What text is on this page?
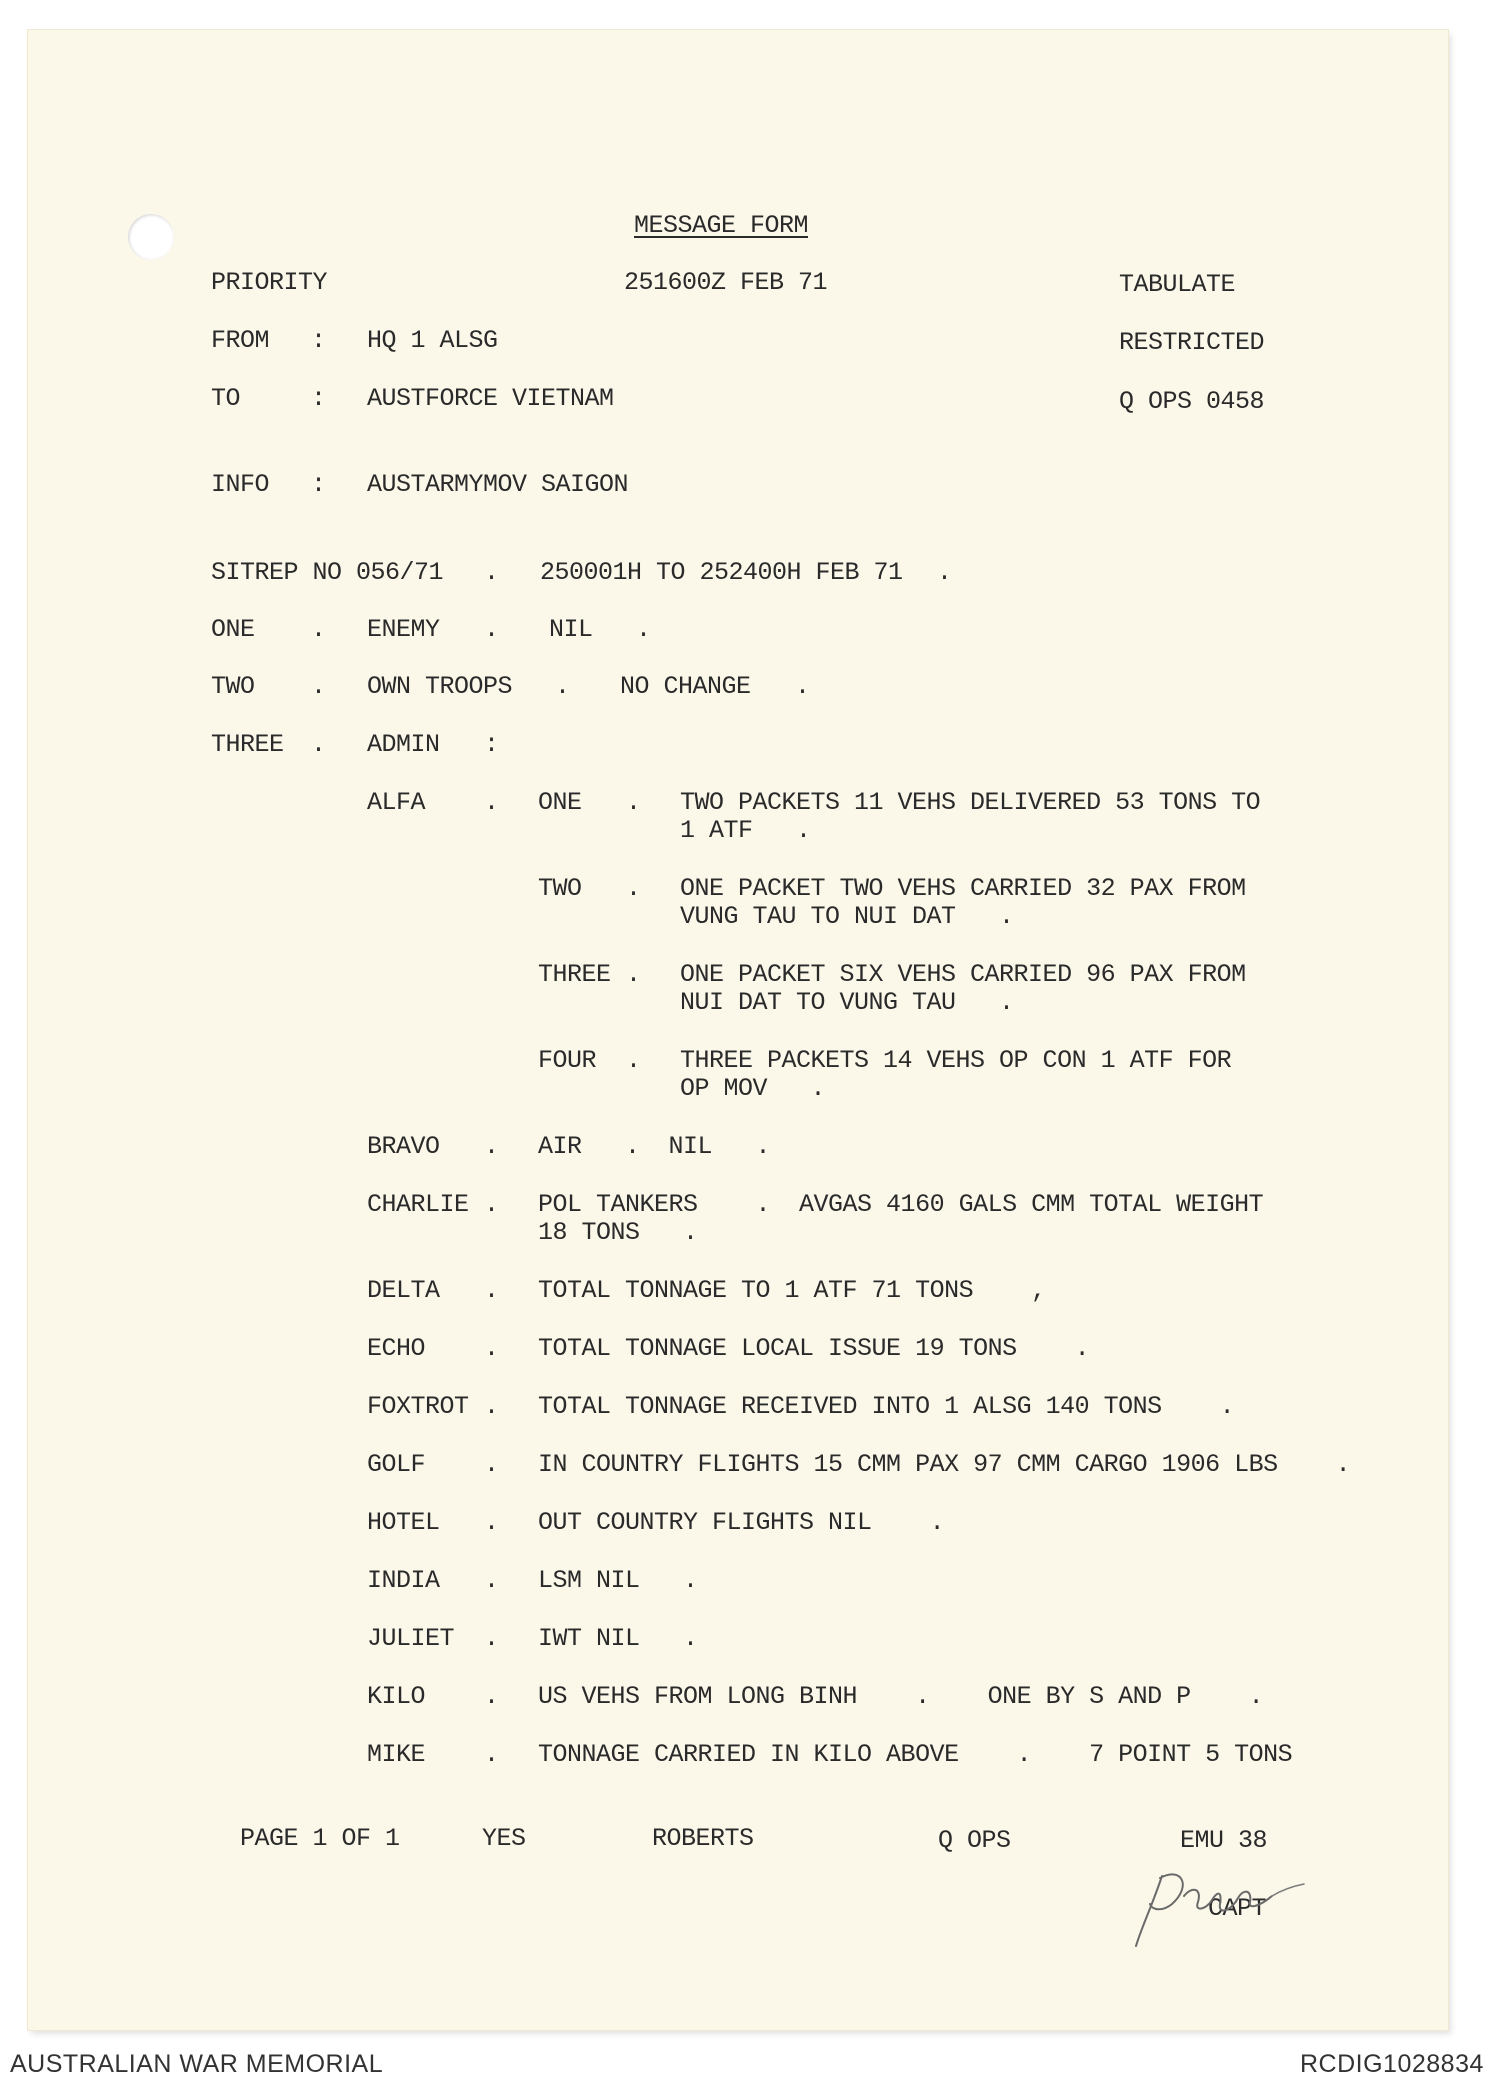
MESSAGE FORM
PRIORITY	251600Z FEB 71	TABULATE
FROM : HQ 1 ALSG	RESTRICTED
TO	: AUSTFORCE VIETNAM	Q OPS 0458
INFO : AUSTARMYMOV SAIGON
SITREP NO 056/71 . 250001H TO 252400H FEB 71 .
ONE . ENEMY . NIL .
TWO . OWN TROOPS . NO CHANGE .
THREE . ADMIN :
ALFA . ONE . TWO PACKETS 11 VEHS DELIVERED 53 TONS TO
1 ATF   .
TWO . ONE PACKET TWO VEHS CARRIED 32 PAX FROM
VUNG TAU TO NUI DAT   .
THREE . ONE PACKET SIX VEHS CARRIED 96 PAX FROM
NUI DAT TO VUNG TAU   .
FOUR . THREE PACKETS 14 VEHS OP CON 1 ATF FOR
OP MOV   .
BRAVO . AIR   .  NIL   .
CHARLIE . POL TANKERS    .  AVGAS 4160 GALS CMM TOTAL WEIGHT
18 TONS   .
DELTA . TOTAL TONNAGE TO 1 ATF 71 TONS    ,
ECHO . TOTAL TONNAGE LOCAL ISSUE 19 TONS    .
FOXTROT . TOTAL TONNAGE RECEIVED INTO 1 ALSG 140 TONS    .
GOLF . IN COUNTRY FLIGHTS 15 CMM PAX 97 CMM CARGO 1906 LBS    .
HOTEL . OUT COUNTRY FLIGHTS NIL    .
INDIA . LSM NIL   .
JULIET . IWT NIL   .
KILO . US VEHS FROM LONG BINH    .    ONE BY S AND P    .
MIKE . TONNAGE CARRIED IN KILO ABOVE    .    7 POINT 5 TONS
PAGE 1 OF 1	YES	ROBERTS	Q OPS	EMU 38
CAPT
AUSTRALIAN WAR MEMORIAL	RCDIG1028834
